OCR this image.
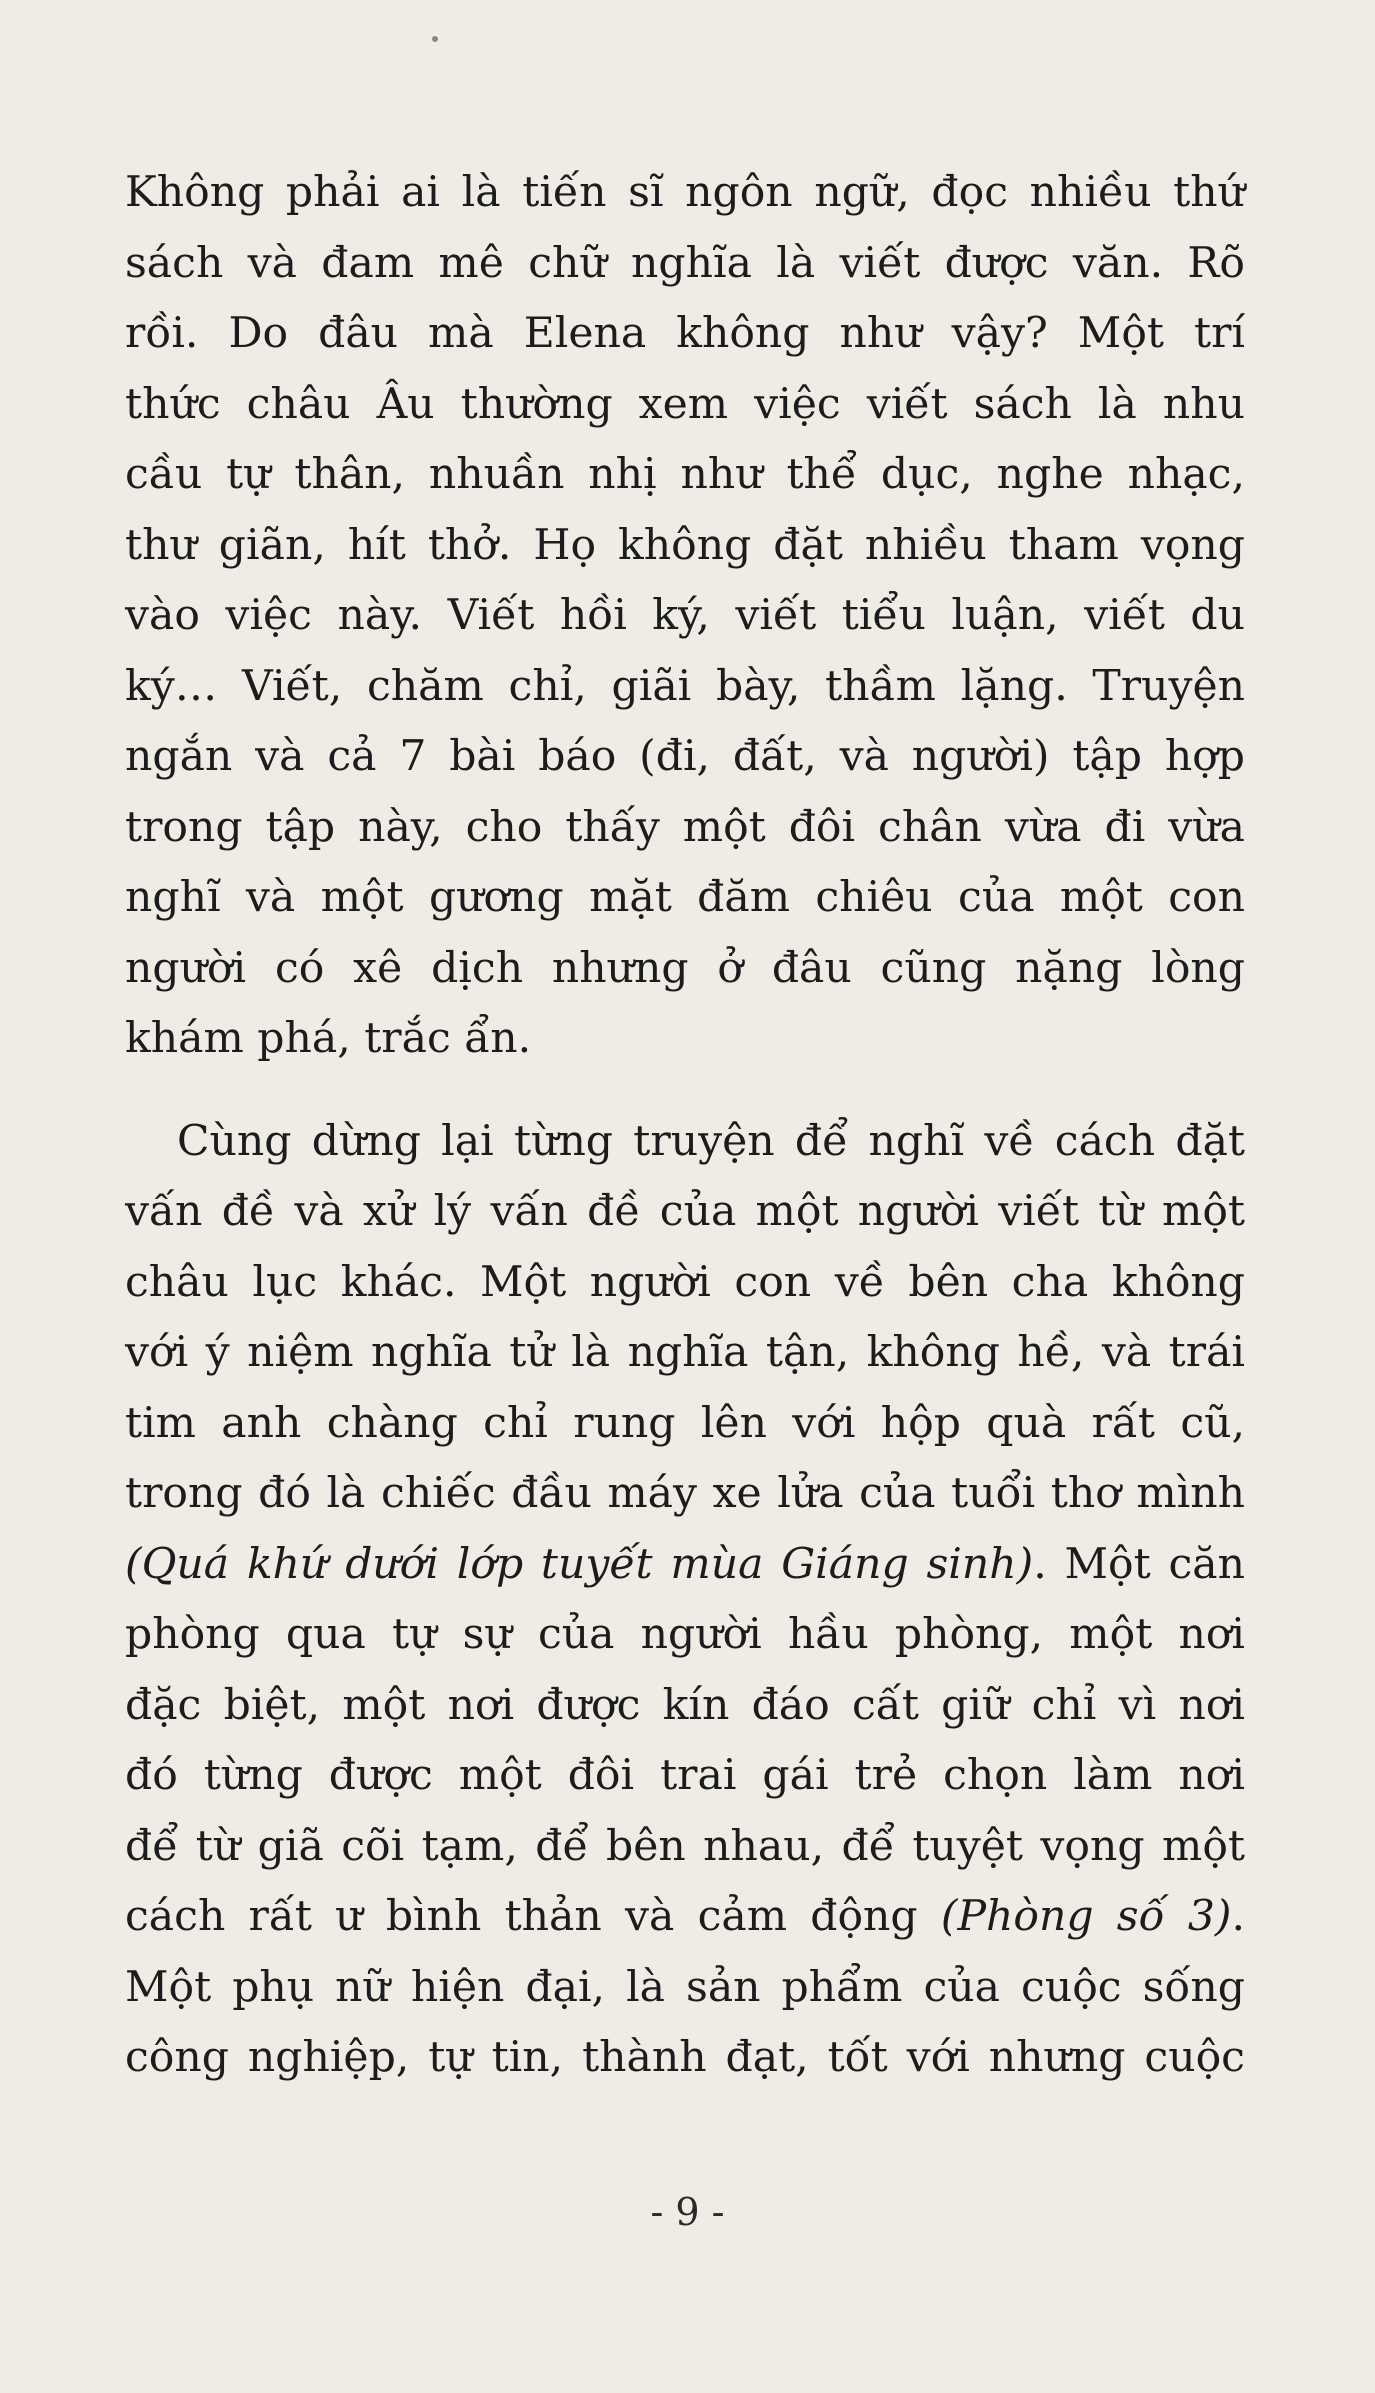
Không phải ai là tiến sĩ ngôn ngữ, đọc nhiều thứ
sách và đam mê chữ nghĩa là viết được văn. Rõ
rồi. Do đâu mà Elena không như vậy? Một trí
thức châu Âu thường xem việc viết sách là nhu
cầu tự thân, nhuần nhị như thể dục, nghe nhạc,
thư giãn, hít thở. Họ không đặt nhiều tham vọng
vào việc này. Viết hồi ký, viết tiểu luận, viết du
ký… Viết, chăm chỉ, giãi bày, thầm lặng. Truyện
ngắn và cả 7 bài báo (đi, đất, và người) tập hợp
trong tập này, cho thấy một đôi chân vừa đi vừa
nghĩ và một gương mặt đăm chiêu của một con
người có xê dịch nhưng ở đâu cũng nặng lòng
khám phá, trắc ẩn.
Cùng dừng lại từng truyện để nghĩ về cách đặt
vấn đề và xử lý vấn đề của một người viết từ một
châu lục khác. Một người con về bên cha không
với ý niệm nghĩa tử là nghĩa tận, không hề, và trái
tim anh chàng chỉ rung lên với hộp quà rất cũ,
trong đó là chiếc đầu máy xe lửa của tuổi thơ mình
(Quá khứ dưới lớp tuyết mùa Giáng sinh). Một căn
phòng qua tự sự của người hầu phòng, một nơi
đặc biệt, một nơi được kín đáo cất giữ chỉ vì nơi
đó từng được một đôi trai gái trẻ chọn làm nơi
để từ giã cõi tạm, để bên nhau, để tuyệt vọng một
cách rất ư bình thản và cảm động (Phòng số 3).
Một phụ nữ hiện đại, là sản phẩm của cuộc sống
công nghiệp, tự tin, thành đạt, tốt với nhưng cuộc
- 9 -
